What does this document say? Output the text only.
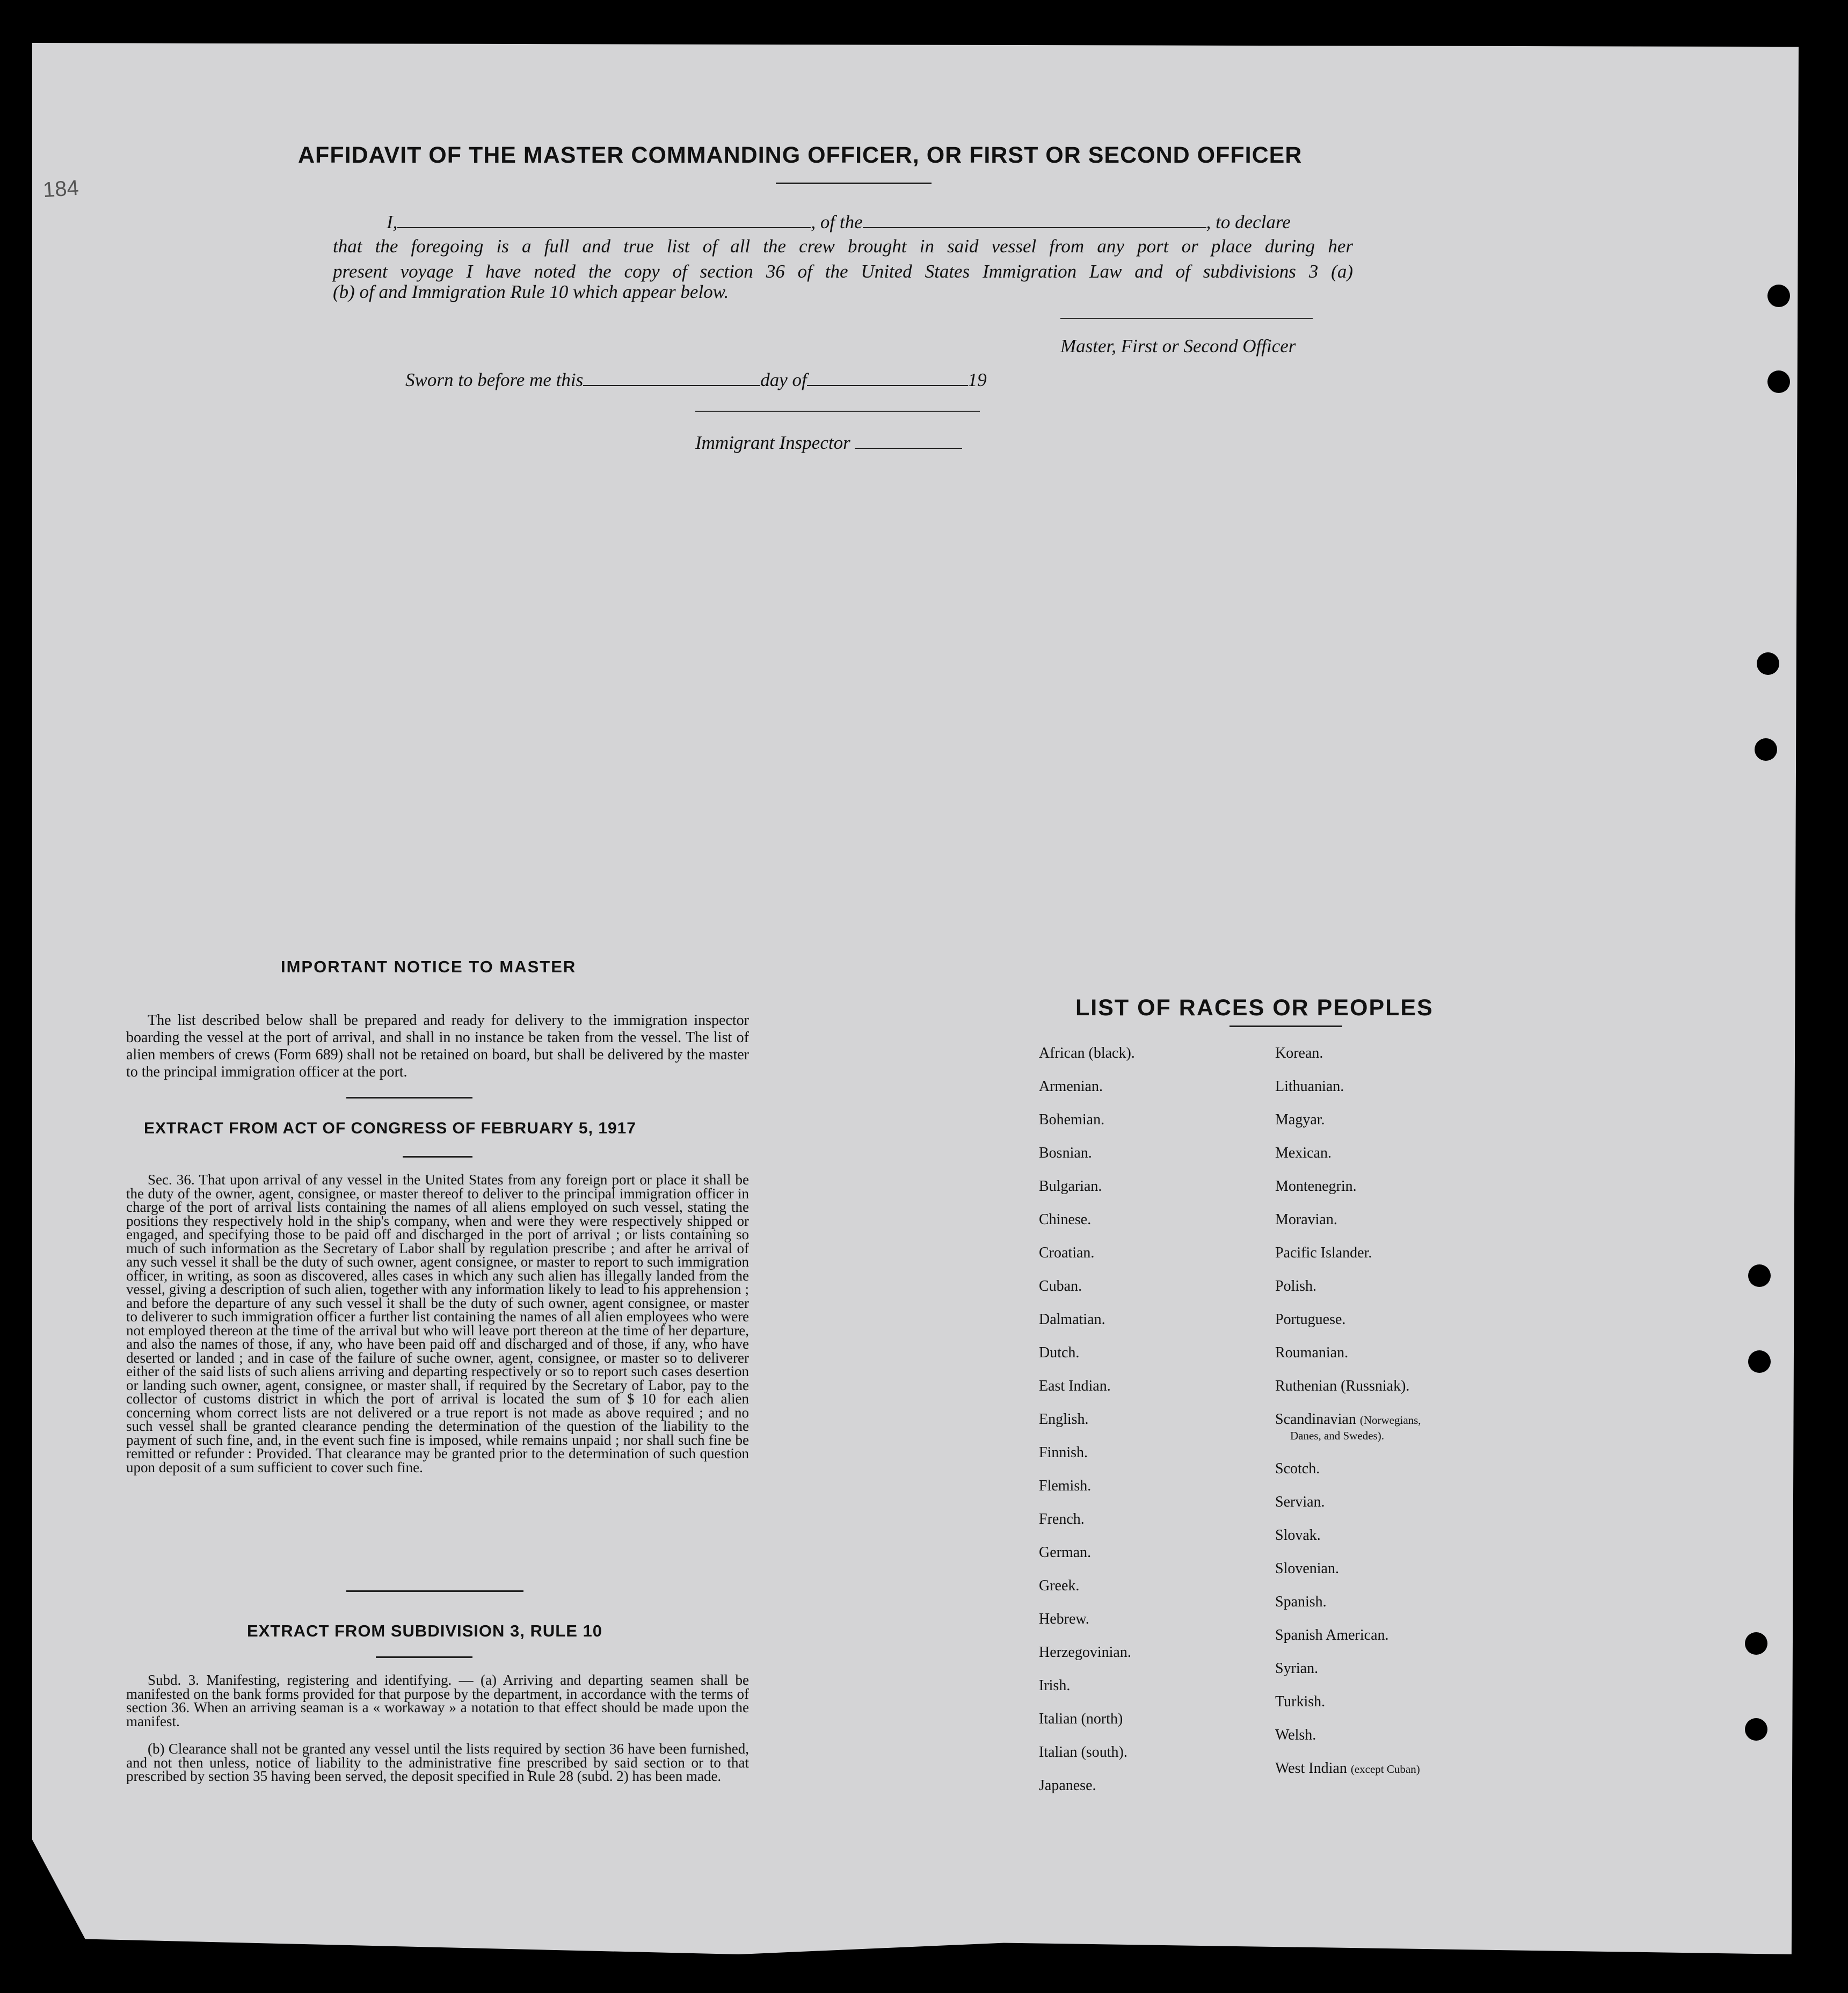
184
AFFIDAVIT OF THE MASTER COMMANDING OFFICER, OR FIRST OR SECOND OFFICER
I,	, of the	, to declare
that the foregoing is a full and true list of all the crew brought in said vessel from any port or place during her
present voyage I have noted the copy of section 36 of the United States Immigration Law and of subdivisions 3 (a)
(b) of and Immigration Rule 10 which appear below.
Master, First or Second Officer
Sworn to before me this	day of	19
Immigrant Inspector
IMPORTANT NOTICE TO MASTER
The list described below shall be prepared and ready for delivery to the immigration inspector boarding the vessel at the port of arrival, and shall in no instance be taken from the vessel. The list of alien members of crews (Form 689) shall not be retained on board, but shall be delivered by the master to the principal immigration officer at the port.
EXTRACT FROM ACT OF CONGRESS OF FEBRUARY 5, 1917
Sec. 36. That upon arrival of any vessel in the United States from any foreign port or place it shall be the duty of the owner, agent, consignee, or master thereof to deliver to the principal immigration officer in charge of the port of arrival lists containing the names of all aliens employed on such vessel, stating the positions they respectively hold in the ship's company, when and were they were respectively shipped or engaged, and specifying those to be paid off and discharged in the port of arrival ; or lists containing so much of such information as the Secretary of Labor shall by regulation prescribe ; and after he arrival of any such vessel it shall be the duty of such owner, agent consignee, or master to report to such immigration officer, in writing, as soon as discovered, alles cases in which any such alien has illegally landed from the vessel, giving a description of such alien, together with any information likely to lead to his apprehension ; and before the departure of any such vessel it shall be the duty of such owner, agent consignee, or master to deliverer to such immigration officer a further list containing the names of all alien employees who were not employed thereon at the time of the arrival but who will leave port thereon at the time of her departure, and also the names of those, if any, who have been paid off and discharged and of those, if any, who have deserted or landed ; and in case of the failure of suche owner, agent, consignee, or master so to deliverer either of the said lists of such aliens arriving and departing respectively or so to report such cases desertion or landing such owner, agent, consignee, or master shall, if required by the Secretary of Labor, pay to the collector of customs district in which the port of arrival is located the sum of $ 10 for each alien concerning whom correct lists are not delivered or a true report is not made as above required ; and no such vessel shall be granted clearance pending the determination of the question of the liability to the payment of such fine, and, in the event such fine is imposed, while remains unpaid ; nor shall such fine be remitted or refunder : Provided. That clearance may be granted prior to the determination of such question upon deposit of a sum sufficient to cover such fine.
EXTRACT FROM SUBDIVISION 3, RULE 10
Subd. 3. Manifesting, registering and identifying. — (a) Arriving and departing seamen shall be manifested on the bank forms provided for that purpose by the department, in accordance with the terms of section 36. When an arriving seaman is a « workaway » a notation to that effect should be made upon the manifest.
(b) Clearance shall not be granted any vessel until the lists required by section 36 have been furnished, and not then unless, notice of liability to the administrative fine prescribed by said section or to that prescribed by section 35 having been served, the deposit specified in Rule 28 (subd. 2) has been made.
LIST OF RACES OR PEOPLES
African (black).
Armenian.
Bohemian.
Bosnian.
Bulgarian.
Chinese.
Croatian.
Cuban.
Dalmatian.
Dutch.
East Indian.
English.
Finnish.
Flemish.
French.
German.
Greek.
Hebrew.
Herzegovinian.
Irish.
Italian (north)
Italian (south).
Japanese.
Korean.
Lithuanian.
Magyar.
Mexican.
Montenegrin.
Moravian.
Pacific Islander.
Polish.
Portuguese.
Roumanian.
Ruthenian (Russniak).
Scandinavian (Norwegians,
Danes, and Swedes).
Scotch.
Servian.
Slovak.
Slovenian.
Spanish.
Spanish American.
Syrian.
Turkish.
Welsh.
West Indian (except Cuban)
